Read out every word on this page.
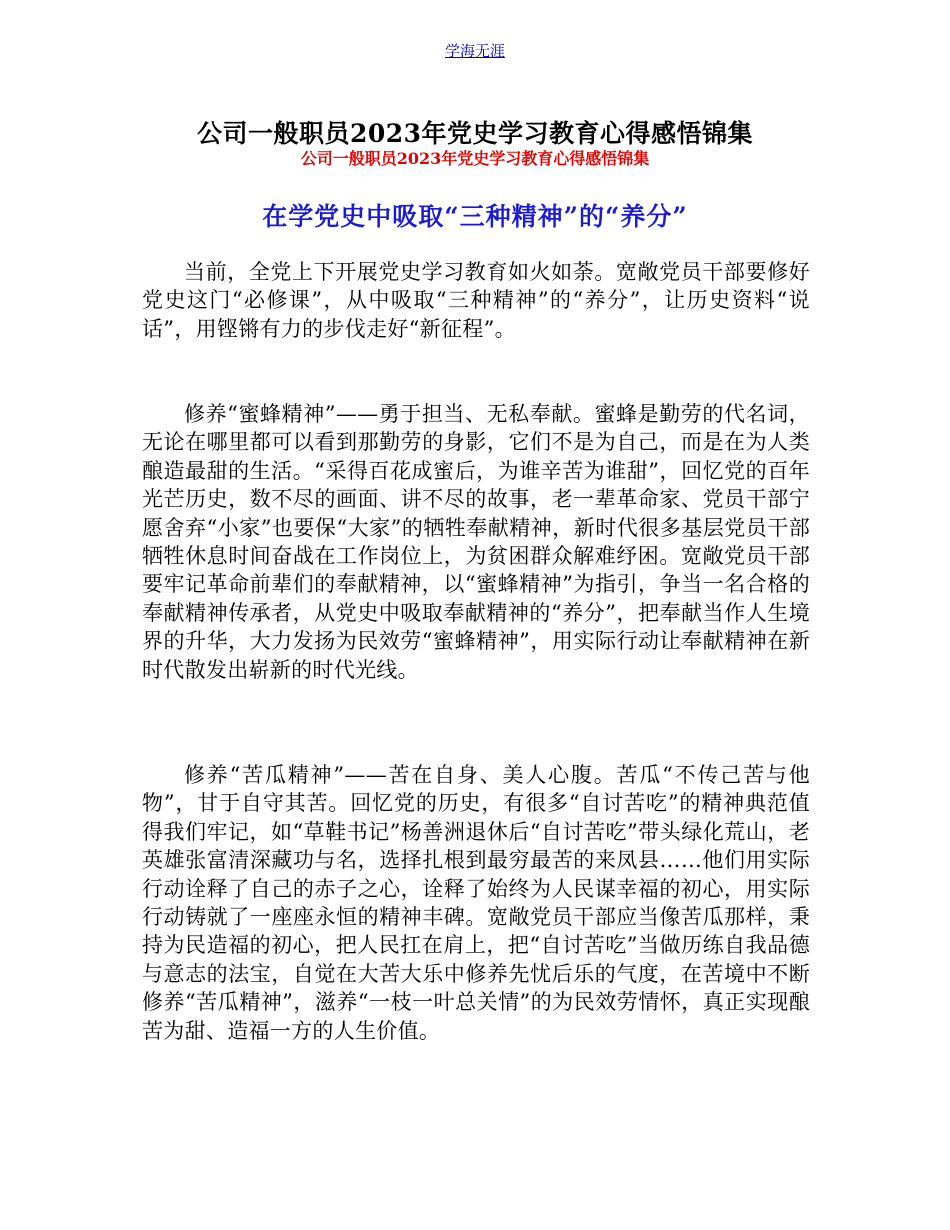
学海无涯
公司一般职员2023年党史学习教育心得感悟锦集
公司一般职员2023年党史学习教育心得感悟锦集
在学党史中吸取“三种精神”的“养分”

当前，全党上下开展党史学习教育如火如荼。宽敞党员干部要修好党史这门“必修课”，从中吸取“三种精神”的“养分”，让历史资料“说话”，用铿锵有力的步伐走好“新征程”。

修养“蜜蜂精神”——勇于担当、无私奉献。蜜蜂是勤劳的代名词，无论在哪里都可以看到那勤劳的身影，它们不是为自己，而是在为人类酿造最甜的生活。“采得百花成蜜后，为谁辛苦为谁甜”，回忆党的百年光芒历史，数不尽的画面、讲不尽的故事，老一辈革命家、党员干部宁愿舍弃“小家”也要保“大家”的牺牲奉献精神，新时代很多基层党员干部牺牲休息时间奋战在工作岗位上，为贫困群众解难纾困。宽敞党员干部要牢记革命前辈们的奉献精神，以“蜜蜂精神”为指引，争当一名合格的奉献精神传承者，从党史中吸取奉献精神的“养分”，把奉献当作人生境界的升华，大力发扬为民效劳“蜜蜂精神”，用实际行动让奉献精神在新时代散发出崭新的时代光线。

修养“苦瓜精神”——苦在自身、美人心腹。苦瓜“不传己苦与他物”，甘于自守其苦。回忆党的历史，有很多“自讨苦吃”的精神典范值得我们牢记，如“草鞋书记”杨善洲退休后“自讨苦吃”带头绿化荒山，老英雄张富清深藏功与名，选择扎根到最穷最苦的来凤县……他们用实际行动诠释了自己的赤子之心，诠释了始终为人民谋幸福的初心，用实际行动铸就了一座座永恒的精神丰碑。宽敞党员干部应当像苦瓜那样，秉持为民造福的初心，把人民扛在肩上，把“自讨苦吃”当做历练自我品德与意志的法宝，自觉在大苦大乐中修养先忧后乐的气度，在苦境中不断修养“苦瓜精神”，滋养“一枝一叶总关情”的为民效劳情怀，真正实现酿苦为甜、造福一方的人生价值。
